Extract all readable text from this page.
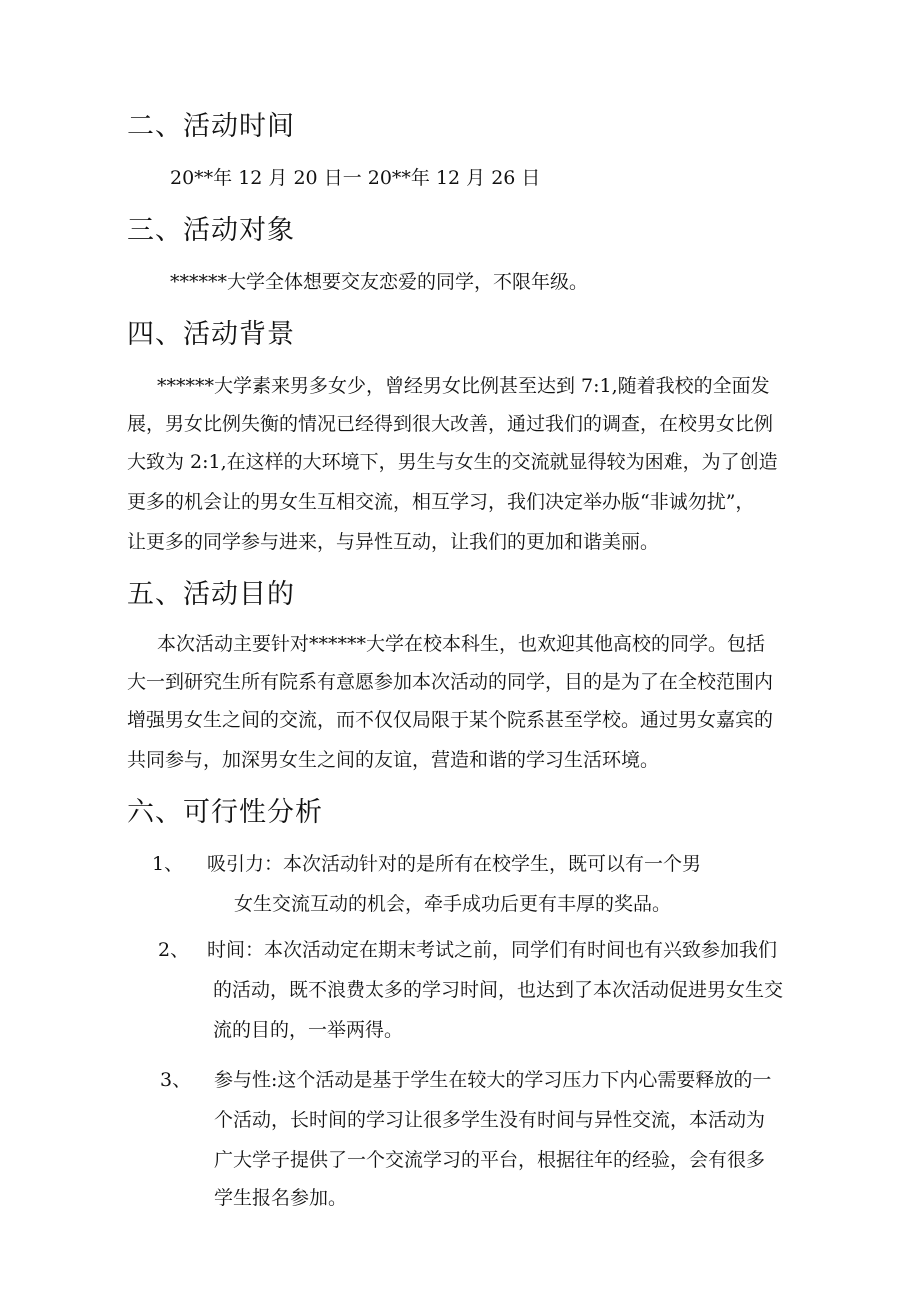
二、活动时间

20**年 12 月 20 日一 20**年 12 月 26 日

三、活动对象

******大学全体想要交友恋爱的同学，不限年级。

四、活动背景

******大学素来男多女少，曾经男女比例甚至达到 7:1,随着我校的全面发

展，男女比例失衡的情况已经得到很大改善，通过我们的调查，在校男女比例

大致为 2:1,在这样的大环境下，男生与女生的交流就显得较为困难，为了创造

更多的机会让的男女生互相交流，相互学习，我们决定举办版“非诚勿扰”，

让更多的同学参与进来，与异性互动，让我们的更加和谐美丽。

五、活动目的

本次活动主要针对******大学在校本科生，也欢迎其他高校的同学。包括

大一到研究生所有院系有意愿参加本次活动的同学，目的是为了在全校范围内

增强男女生之间的交流，而不仅仅局限于某个院系甚至学校。通过男女嘉宾的

共同参与，加深男女生之间的友谊，营造和谐的学习生活环境。

六、可行性分析

1、 吸引力：本次活动针对的是所有在校学生，既可以有一个男

女生交流互动的机会，牵手成功后更有丰厚的奖品。

2、 时间：本次活动定在期末考试之前，同学们有时间也有兴致参加我们

的活动，既不浪费太多的学习时间，也达到了本次活动促进男女生交

流的目的，一举两得。

3、 参与性:这个活动是基于学生在较大的学习压力下内心需要释放的一

个活动，长时间的学习让很多学生没有时间与异性交流，本活动为

广大学子提供了一个交流学习的平台，根据往年的经验，会有很多

学生报名参加。
